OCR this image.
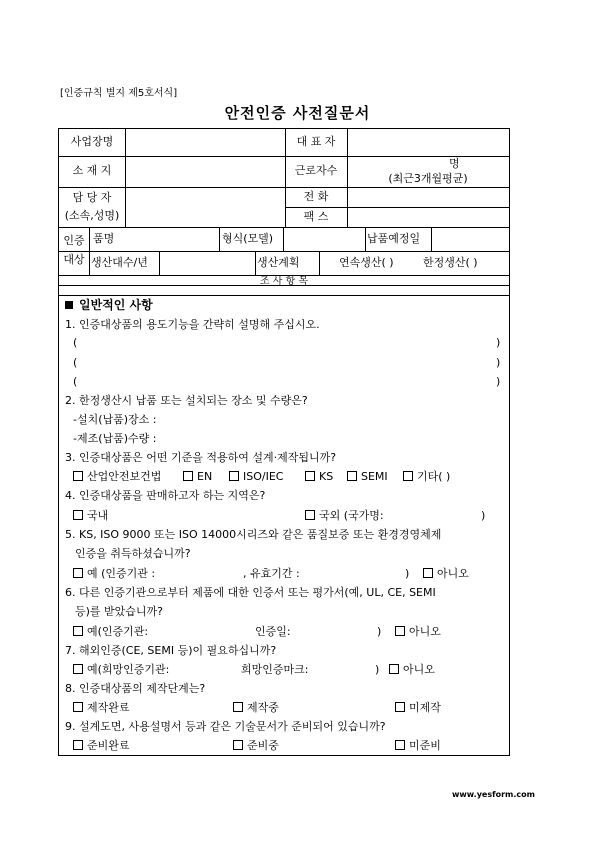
[인증규칙 별지 제5호서식]
안전인증 사전질문서
사업장명	대 표 자
소 재 지	근로자수
명
(최근3개월평균)
담 당 자
(소속,성명)
전 화
팩 스
인증 품명	형식(모델)	납품예정일
대상 생산대수/년	생산계획	연속생산( )	한정생산( )
조 사 항 목
일반적인 사항
1. 인증대상품의 용도기능을 간략히 설명해 주십시오.
(	)
(	)
(	)
2. 한정생산시 납품 또는 설치되는 장소 및 수량은?
-설치(납품)장소 :
-제조(납품)수량 :
3. 인증대상품은 어떤 기준을 적용하여 설계·제작됩니까?
산업안전보건법	EN	ISO/IEC	KS	SEMI	기타( )
4. 인증대상품을 판매하고자 하는 지역은?
국내	국외 (국가명:	)
5. KS, ISO 9000 또는 ISO 14000시리즈와 같은 품질보증 또는 환경경영체제
인증을 취득하셨습니까?
예 (인증기관 :	, 유효기간 :	)	아니오
6. 다른 인증기관으로부터 제품에 대한 인증서 또는 평가서(예, UL, CE, SEMI
등)를 받았습니까?
예(인증기관:	인증일:	)	아니오
7. 해외인증(CE, SEMI 등)이 필요하십니까?
예(희망인증기관:	희망인증마크:	)	아니오
8. 인증대상품의 제작단계는?
제작완료	제작중	미제작
9. 설계도면, 사용설명서 등과 같은 기술문서가 준비되어 있습니까?
준비완료	준비중	미준비
www.yesform.com
